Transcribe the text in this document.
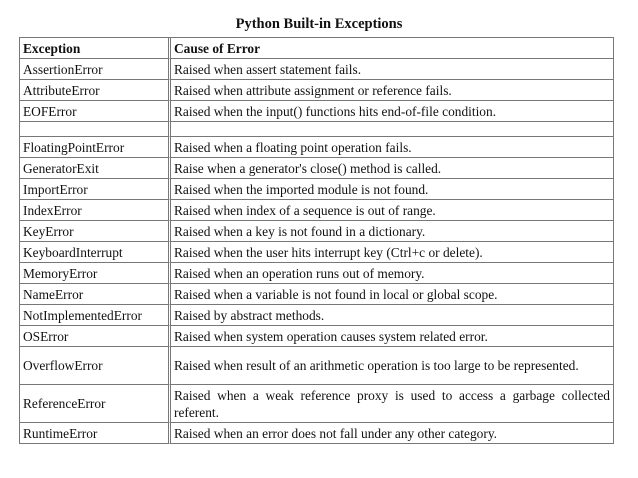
Python Built-in Exceptions
Exception	Cause of Error
AssertionError	Raised when assert statement fails.
AttributeError	Raised when attribute assignment or reference fails.
EOFError	Raised when the input() functions hits end-of-file condition.

FloatingPointError	Raised when a floating point operation fails.
GeneratorExit	Raise when a generator's close() method is called.
ImportError	Raised when the imported module is not found.
IndexError	Raised when index of a sequence is out of range.
KeyError	Raised when a key is not found in a dictionary.
KeyboardInterrupt	Raised when the user hits interrupt key (Ctrl+c or delete).
MemoryError	Raised when an operation runs out of memory.
NameError	Raised when a variable is not found in local or global scope.
NotImplementedError	Raised by abstract methods.
OSError	Raised when system operation causes system related error.
OverflowError	Raised when result of an arithmetic operation is too large to be represented.
ReferenceError	Raised when a weak reference proxy is used to access a garbage collected referent.
RuntimeError	Raised when an error does not fall under any other category.
